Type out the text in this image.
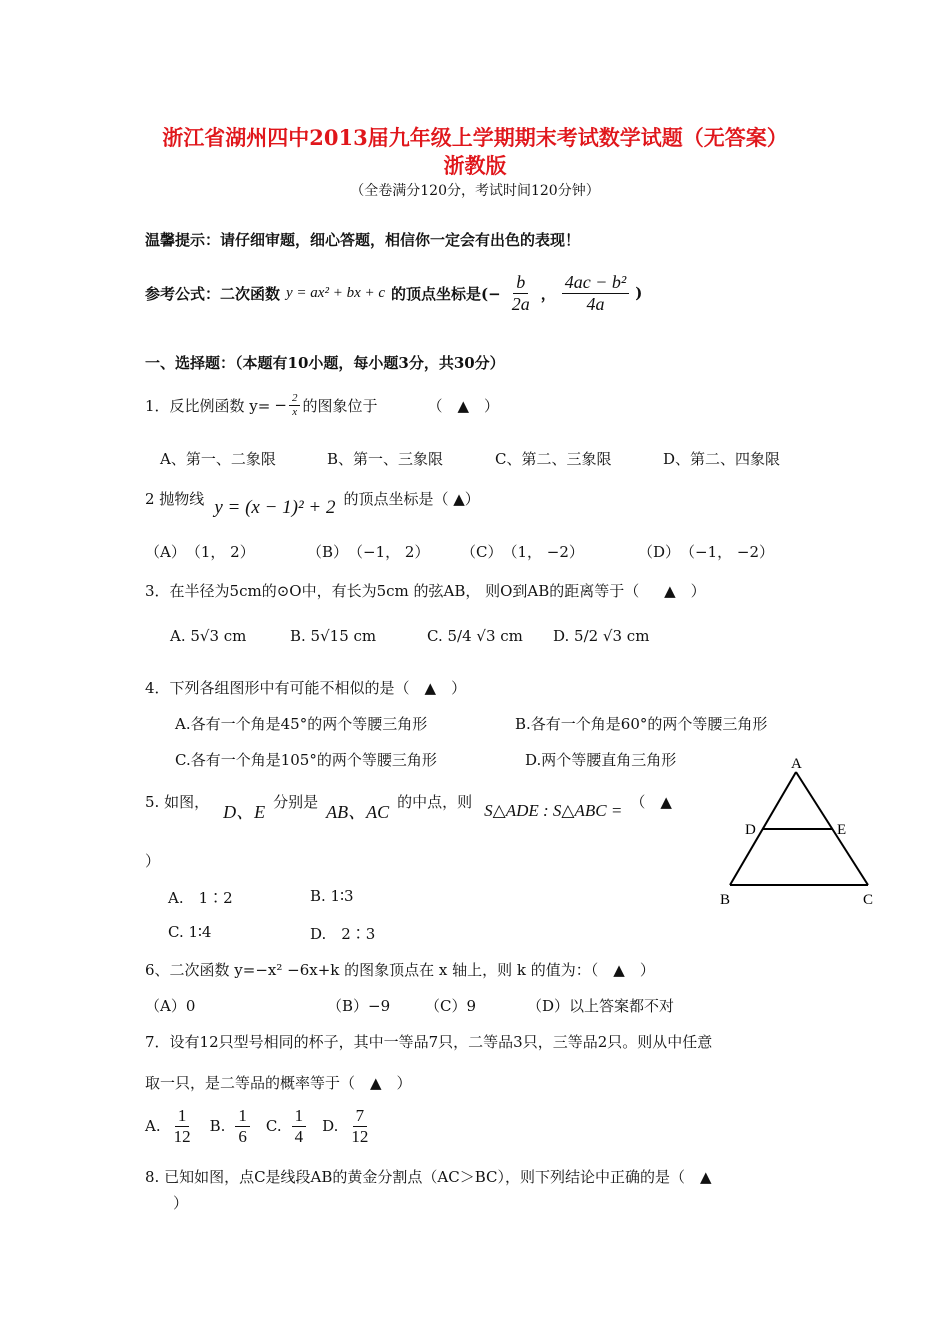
浙江省湖州四中2013届九年级上学期期末考试数学试题（无答案）
浙教版
（全卷满分120分，考试时间120分钟）
温馨提示：请仔细审题，细心答题，相信你一定会有出色的表现！
参考公式：二次函数 y = ax² + bx + c 的顶点坐标是(− $\frac{b}{2a}$ ， $\frac{\text{4ac − b²}}{4a}$ )
一、选择题：（本题有10小题，每小题3分，共30分）
1．反比例函数 $y= - \frac{2}{x}$ 的图象位于	（　▲　）
A、第一、二象限	B、第一、三象限	C、第二、三象限	D、第二、四象限
2 抛物线 y = (x − 1)² + 2 的顶点坐标是（ ▲）
（A）　（1， 2）	（B）　（−1， 2） （C）　（1， −2）	（D）　（−1， −2）
3．在半径为5cm的⊙O中，有长为5cm 的弦AB， 则O到AB的距离等于（ ▲　）
A. 5√3 cm	B. 5√15 cm	C. 5/4 √3 cm D. 5/2 √3 cm
4．下列各组图形中有可能不相似的是（　▲　）
A.各有一个角是45°的两个等腰三角形	B.各有一个角是60°的两个等腰三角形
C.各有一个角是105°的两个等腰三角形	D.两个等腰直角三角形
5. 如图，
D、E
分别是
AB、AC
的中点，则 S△ADE : S△ABC = （　▲
）
A.　1∶2	B. 1∶3
C. 1∶4	D.　2∶3
A
D	E
B	C
6、二次函数 y=−x² −6x+k 的图象顶点在 x 轴上，则 k 的值为：（　▲　）
（A）0	（B）−9 （C）9	（D）以上答案都不对
7．设有12只型号相同的杯子，其中一等品7只，二等品3只，三等品2只。则从中任意
取一只，是二等品的概率等于（　▲　）
A. $\frac{1}{12} B$. $\frac{1}{6} C$. $\frac{1}{4} D$. $\frac{7}{12}$
8. 已知如图，点C是线段AB的黄金分割点（AC＞BC），则下列结论中正确的是（　▲
）
